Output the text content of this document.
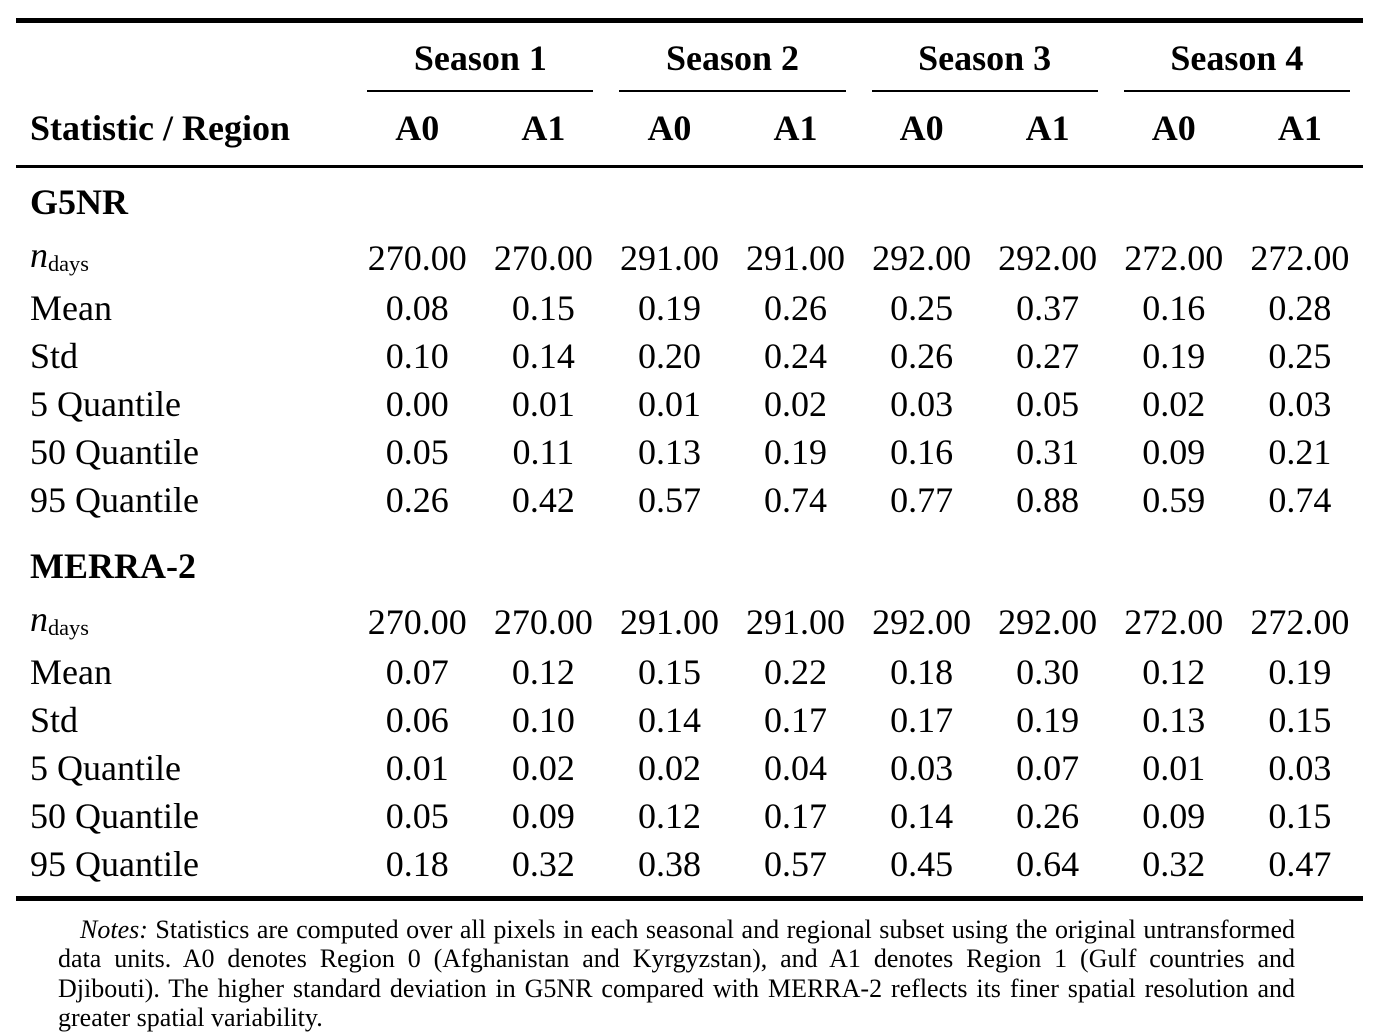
	Season 1		Season 2		Season 3		Season 4	

Statistic / Region	A0	A1	A0	A1	A0	A1	A0	A1
G5NR								
$n_{days}$	270.00	270.00	291.00	291.00	292.00	292.00	272.00	272.00
Mean	0.08	0.15	0.19	0.26	0.25	0.37	0.16	0.28
Std	0.10	0.14	0.20	0.24	0.26	0.27	0.19	0.25
5 Quantile	0.00	0.01	0.01	0.02	0.03	0.05	0.02	0.03
50 Quantile	0.05	0.11	0.13	0.19	0.16	0.31	0.09	0.21
95 Quantile	0.26	0.42	0.57	0.74	0.77	0.88	0.59	0.74
MERRA-2								
$n_{days}$	270.00	270.00	291.00	291.00	292.00	292.00	272.00	272.00
Mean	0.07	0.12	0.15	0.22	0.18	0.30	0.12	0.19
Std	0.06	0.10	0.14	0.17	0.17	0.19	0.13	0.15
5 Quantile	0.01	0.02	0.02	0.04	0.03	0.07	0.01	0.03
50 Quantile	0.05	0.09	0.12	0.17	0.14	0.26	0.09	0.15
95 Quantile	0.18	0.32	0.38	0.57	0.45	0.64	0.32	0.47
Notes: Statistics are computed over all pixels in each seasonal and regional subset using the original untransformed data units. A0 denotes Region 0 (Afghanistan and Kyrgyzstan), and A1 denotes Region 1 (Gulf countries and Djibouti). The higher standard deviation in G5NR compared with MERRA-2 reflects its finer spatial resolution and greater spatial variability.
